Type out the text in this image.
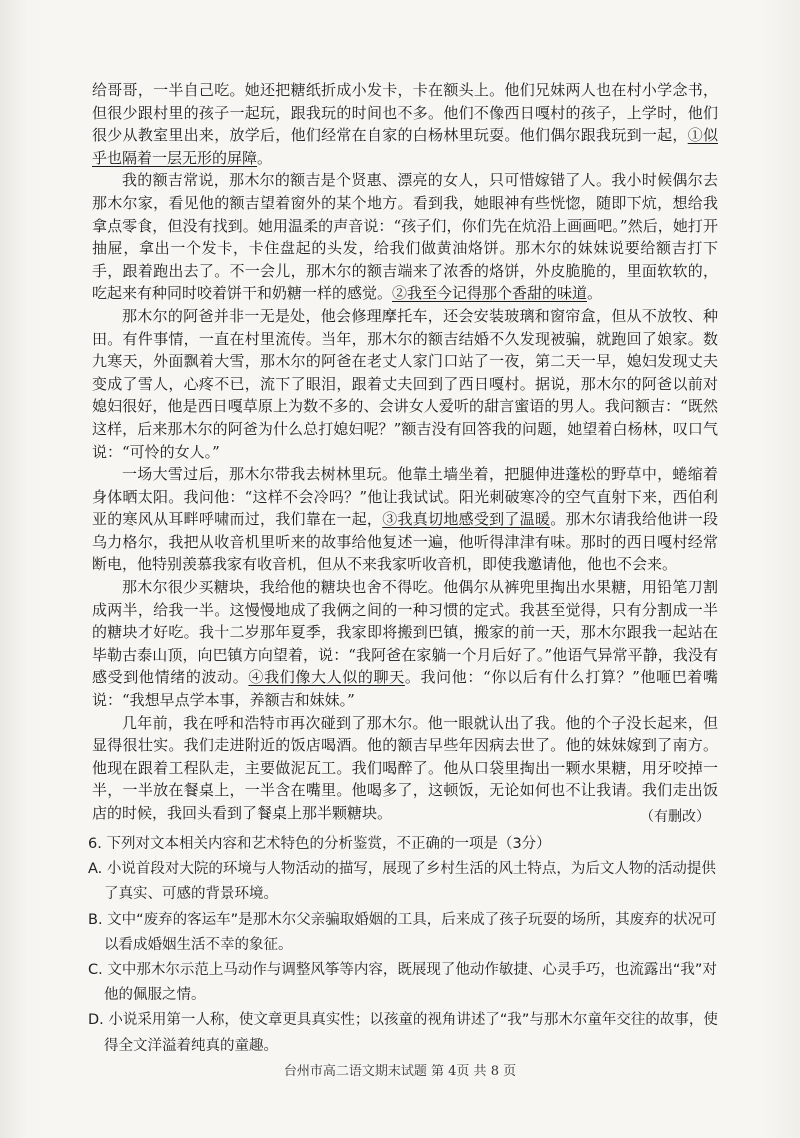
给哥哥，一半自己吃。她还把糖纸折成小发卡，卡在额头上。他们兄妹两人也在村小学念书，但很少跟村里的孩子一起玩，跟我玩的时间也不多。他们不像西日嘎村的孩子，上学时，他们很少从教室里出来，放学后，他们经常在自家的白杨林里玩耍。他们偶尔跟我玩到一起，①似乎也隔着一层无形的屏障。

我的额吉常说，那木尔的额吉是个贤惠、漂亮的女人，只可惜嫁错了人。我小时候偶尔去那木尔家，看见他的额吉望着窗外的某个地方。看到我，她眼神有些恍惚，随即下炕，想给我拿点零食，但没有找到。她用温柔的声音说：“孩子们，你们先在炕沿上画画吧。”然后，她打开抽屉，拿出一个发卡，卡住盘起的头发，给我们做黄油烙饼。那木尔的妹妹说要给额吉打下手，跟着跑出去了。不一会儿，那木尔的额吉端来了浓香的烙饼，外皮脆脆的，里面软软的，吃起来有种同时咬着饼干和奶糖一样的感觉。②我至今记得那个香甜的味道。

那木尔的阿爸并非一无是处，他会修理摩托车，还会安装玻璃和窗帘盒，但从不放牧、种田。有件事情，一直在村里流传。当年，那木尔的额吉结婚不久发现被骗，就跑回了娘家。数九寒天，外面飘着大雪，那木尔的阿爸在老丈人家门口站了一夜，第二天一早，媳妇发现丈夫变成了雪人，心疼不已，流下了眼泪，跟着丈夫回到了西日嘎村。据说，那木尔的阿爸以前对媳妇很好，他是西日嘎草原上为数不多的、会讲女人爱听的甜言蜜语的男人。我问额吉：“既然这样，后来那木尔的阿爸为什么总打媳妇呢？”额吉没有回答我的问题，她望着白杨林，叹口气说：“可怜的女人。”

一场大雪过后，那木尔带我去树林里玩。他靠土墙坐着，把腿伸进蓬松的野草中，蜷缩着身体晒太阳。我问他：“这样不会冷吗？”他让我试试。阳光刺破寒冷的空气直射下来，西伯利亚的寒风从耳畔呼啸而过，我们靠在一起，③我真切地感受到了温暖。那木尔请我给他讲一段乌力格尔，我把从收音机里听来的故事给他复述一遍，他听得津津有味。那时的西日嘎村经常断电，他特别羡慕我家有收音机，但从不来我家听收音机，即使我邀请他，他也不会来。

那木尔很少买糖块，我给他的糖块也舍不得吃。他偶尔从裤兜里掏出水果糖，用铅笔刀割成两半，给我一半。这慢慢地成了我俩之间的一种习惯的定式。我甚至觉得，只有分割成一半的糖块才好吃。我十二岁那年夏季，我家即将搬到巴镇，搬家的前一天，那木尔跟我一起站在毕勒古泰山顶，向巴镇方向望着，说：“我阿爸在家躺一个月后好了。”他语气异常平静，我没有感受到他情绪的波动。④我们像大人似的聊天。我问他：“你以后有什么打算？”他咂巴着嘴说：“我想早点学本事，养额吉和妹妹。”

几年前，我在呼和浩特市再次碰到了那木尔。他一眼就认出了我。他的个子没长起来，但显得很壮实。我们走进附近的饭店喝酒。他的额吉早些年因病去世了。他的妹妹嫁到了南方。他现在跟着工程队走，主要做泥瓦工。我们喝醉了。他从口袋里掏出一颗水果糖，用牙咬掉一半，一半放在餐桌上，一半含在嘴里。他喝多了，这顿饭，无论如何也不让我请。我们走出饭店的时候，我回头看到了餐桌上那半颗糖块。	（有删改）

6. 下列对文本相关内容和艺术特色的分析鉴赏，不正确的一项是（3分）

A. 小说首段对大院的环境与人物活动的描写，展现了乡村生活的风土特点，为后文人物的活动提供了真实、可感的背景环境。

B. 文中“废弃的客运车”是那木尔父亲骗取婚姻的工具，后来成了孩子玩耍的场所，其废弃的状况可以看成婚姻生活不幸的象征。

C. 文中那木尔示范上马动作与调整风筝等内容，既展现了他动作敏捷、心灵手巧，也流露出“我”对他的佩服之情。

D. 小说采用第一人称，使文章更具真实性；以孩童的视角讲述了“我”与那木尔童年交往的故事，使得全文洋溢着纯真的童趣。

台州市高二语文期末试题 第 4页 共 8 页
